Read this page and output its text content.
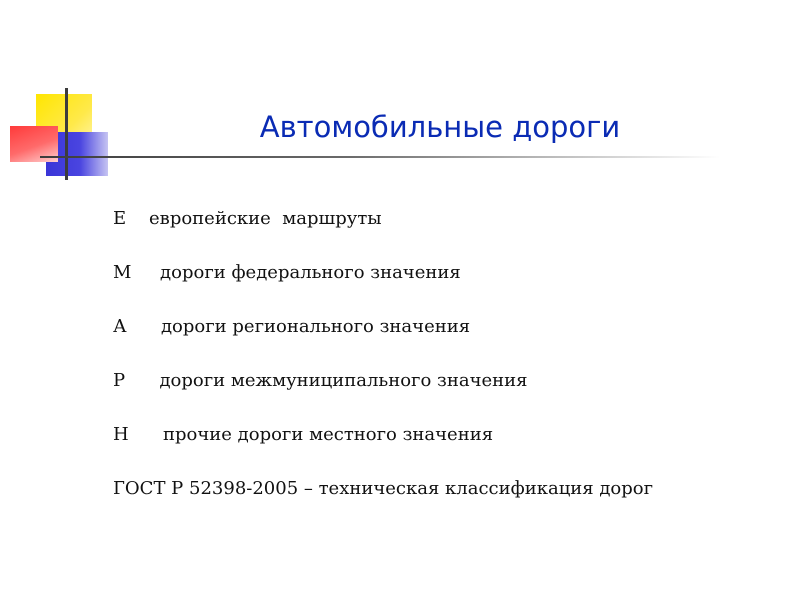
Автомобильные дороги
Е    европейские  маршруты
М     дороги федерального значения
А      дороги регионального значения
Р      дороги межмуниципального значения
Н      прочие дороги местного значения
ГОСТ Р 52398-2005 – техническая классификация дорог
